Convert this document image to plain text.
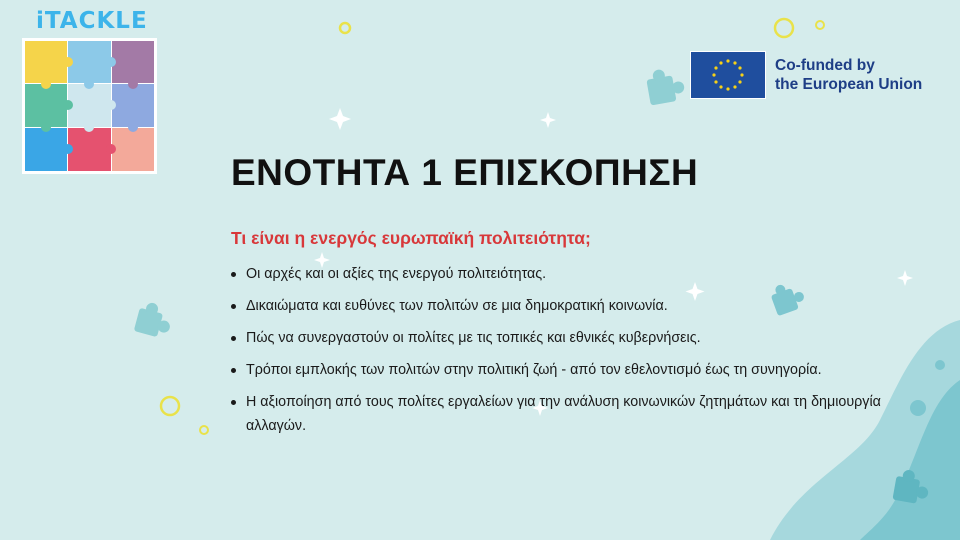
iTACKLE
Co-funded by
the European Union
ΕΝΟΤΗΤΑ 1 ΕΠΙΣΚΟΠΗΣΗ
Τι είναι η ενεργός ευρωπαϊκή πολιτειότητα;
Οι αρχές και οι αξίες της ενεργού πολιτειότητας.
Δικαιώματα και ευθύνες των πολιτών σε μια δημοκρατική κοινωνία.
Πώς να συνεργαστούν οι πολίτες με τις τοπικές και εθνικές κυβερνήσεις.
Τρόποι εμπλοκής των πολιτών στην πολιτική ζωή - από τον εθελοντισμό έως τη συνηγορία.
Η αξιοποίηση από τους πολίτες εργαλείων για την ανάλυση κοινωνικών ζητημάτων και τη δημιουργία αλλαγών.
